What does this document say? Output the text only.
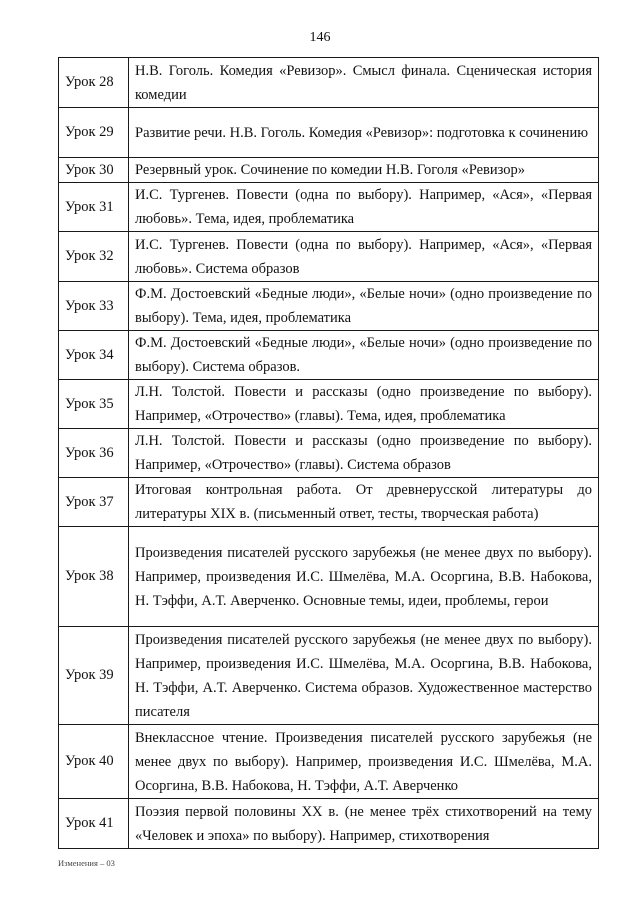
146
Урок 28	Н.В. Гоголь. Комедия «Ревизор». Смысл финала. Сценическая история комедии
Урок 29	Развитие речи. Н.В. Гоголь. Комедия «Ревизор»: подготовка к сочинению
Урок 30	Резервный урок. Сочинение по комедии Н.В. Гоголя «Ревизор»
Урок 31	И.С. Тургенев. Повести (одна по выбору). Например, «Ася», «Первая любовь». Тема, идея, проблематика
Урок 32	И.С. Тургенев. Повести (одна по выбору). Например, «Ася», «Первая любовь». Система образов
Урок 33	Ф.М. Достоевский «Бедные люди», «Белые ночи» (одно произведение по выбору). Тема, идея, проблематика
Урок 34	Ф.М. Достоевский «Бедные люди», «Белые ночи» (одно произведение по выбору). Система образов.
Урок 35	Л.Н. Толстой. Повести и рассказы (одно произведение по выбору). Например, «Отрочество» (главы). Тема, идея, проблематика
Урок 36	Л.Н. Толстой. Повести и рассказы (одно произведение по выбору). Например, «Отрочество» (главы). Система образов
Урок 37	Итоговая контрольная работа. От древнерусской литературы до литературы XIX в. (письменный ответ, тесты, творческая работа)
Урок 38	Произведения писателей русского зарубежья (не менее двух по выбору). Например, произведения И.С. Шмелёва, М.А. Осоргина, В.В. Набокова, Н. Тэффи, А.Т. Аверченко. Основные темы, идеи, проблемы, герои
Урок 39	Произведения писателей русского зарубежья (не менее двух по выбору). Например, произведения И.С. Шмелёва, М.А. Осоргина, В.В. Набокова, Н. Тэффи, А.Т. Аверченко. Система образов. Художественное мастерство писателя
Урок 40	Внеклассное чтение. Произведения писателей русского зарубежья (не менее двух по выбору). Например, произведения И.С. Шмелёва, М.А. Осоргина, В.В. Набокова, Н. Тэффи, А.Т. Аверченко
Урок 41	Поэзия первой половины XX в. (не менее трёх стихотворений на тему «Человек и эпоха» по выбору). Например, стихотворения
Изменения – 03
